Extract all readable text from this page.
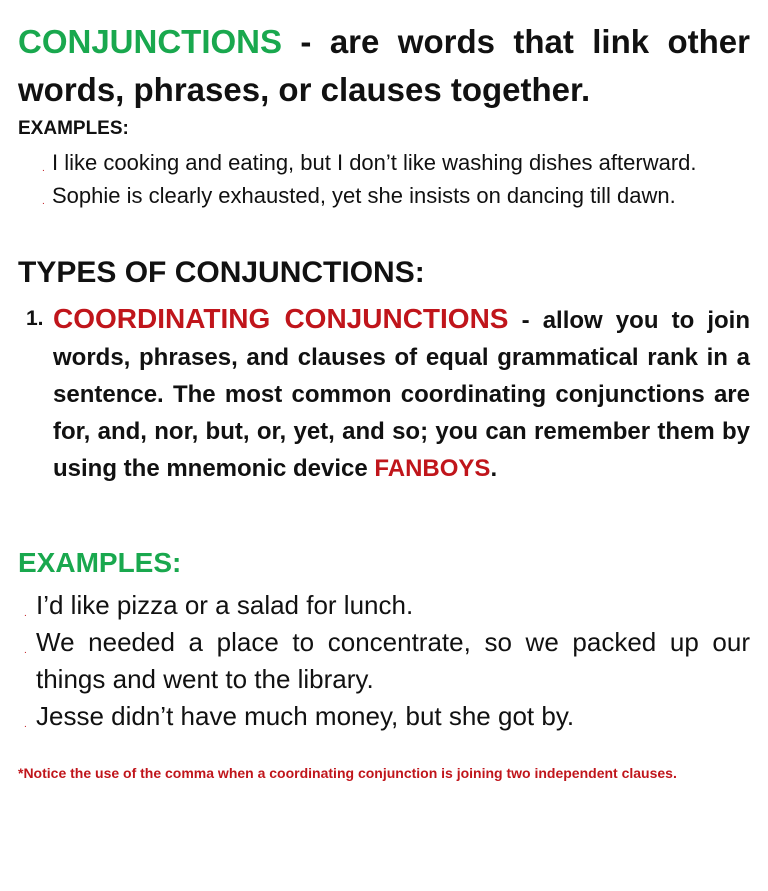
CONJUNCTIONS - are words that link other words, phrases, or clauses together.

EXAMPLES:
. I like cooking and eating, but I don’t like washing dishes afterward.
. Sophie is clearly exhausted, yet she insists on dancing till dawn.
TYPES OF CONJUNCTIONS:
1. COORDINATING CONJUNCTIONS - allow you to join words, phrases, and clauses of equal grammatical rank in a sentence. The most common coordinating conjunctions are for, and, nor, but, or, yet, and so; you can remember them by using the mnemonic device FANBOYS.
EXAMPLES:
. I’d like pizza or a salad for lunch.
. We needed a place to concentrate, so we packed up our things and went to the library.
. Jesse didn’t have much money, but she got by.
*Notice the use of the comma when a coordinating conjunction is joining two independent clauses.
